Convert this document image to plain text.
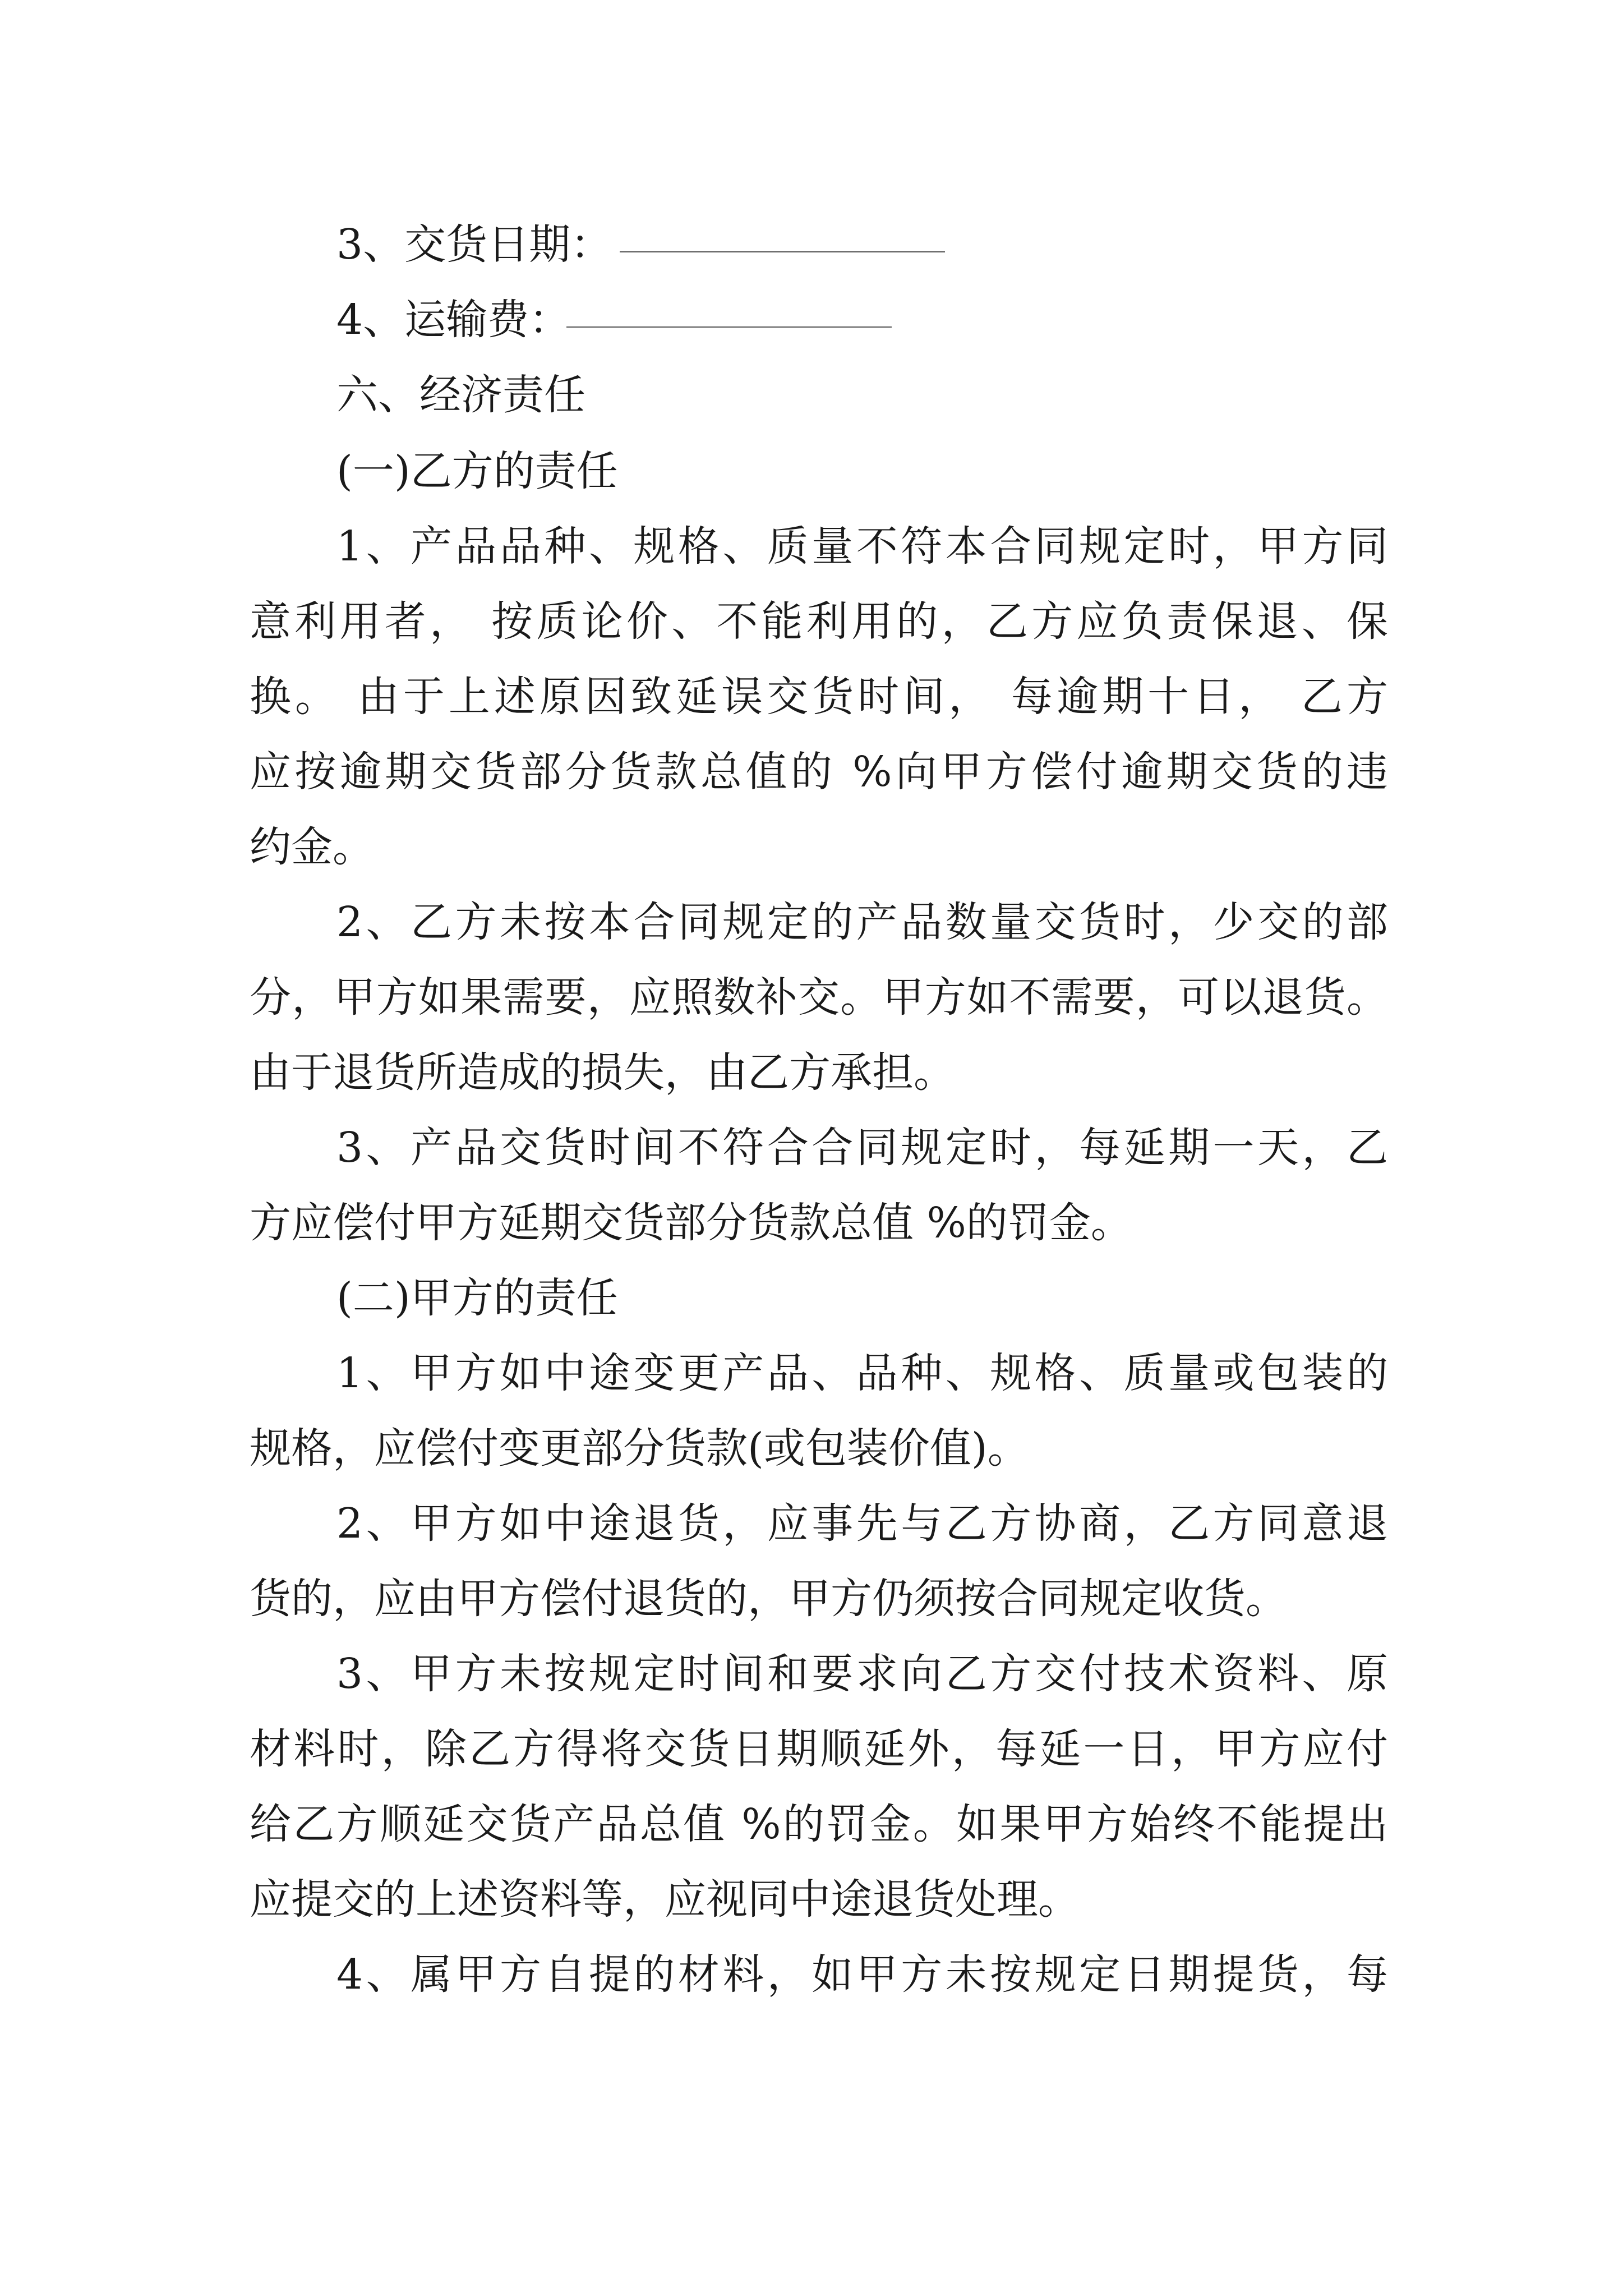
3、交货日期：
4、运输费：
六、经济责任
(一)乙方的责任
1、产品品种、规格、质量不符本合同规定时，甲方同
意利用者， 按质论价、不能利用的，乙方应负责保退、保
换。 由于上述原因致延误交货时间， 每逾期十日， 乙方
应按逾期交货部分货款总值的 %向甲方偿付逾期交货的违
约金。
2、乙方未按本合同规定的产品数量交货时，少交的部
分，甲方如果需要，应照数补交。甲方如不需要，可以退货。
由于退货所造成的损失，由乙方承担。
3、产品交货时间不符合合同规定时，每延期一天，乙
方应偿付甲方延期交货部分货款总值 %的罚金。
(二)甲方的责任
1、甲方如中途变更产品、品种、规格、质量或包装的
规格，应偿付变更部分货款(或包装价值)。
2、甲方如中途退货，应事先与乙方协商，乙方同意退
货的，应由甲方偿付退货的，甲方仍须按合同规定收货。
3、甲方未按规定时间和要求向乙方交付技术资料、原
材料时，除乙方得将交货日期顺延外，每延一日，甲方应付
给乙方顺延交货产品总值 %的罚金。如果甲方始终不能提出
应提交的上述资料等，应视同中途退货处理。
4、属甲方自提的材料，如甲方未按规定日期提货，每
